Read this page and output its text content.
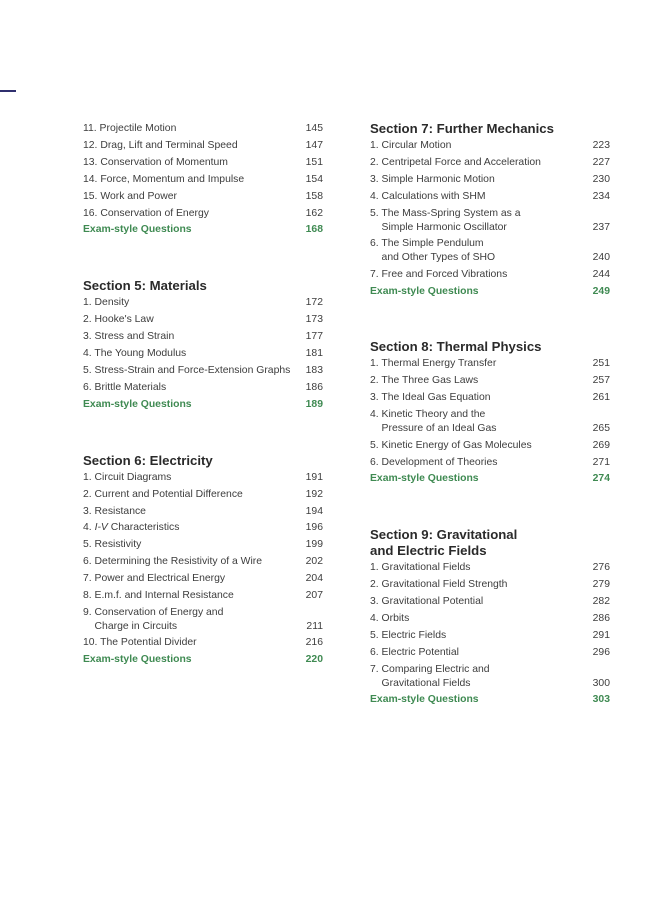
11. Projectile Motion	145
12. Drag, Lift and Terminal Speed	147
13. Conservation of Momentum	151
14. Force, Momentum and Impulse	154
15. Work and Power	158
16. Conservation of Energy	162
Exam-style Questions	168
Section 5: Materials
1. Density	172
2. Hooke's Law	173
3. Stress and Strain	177
4. The Young Modulus	181
5. Stress-Strain and Force-Extension Graphs	183
6. Brittle Materials	186
Exam-style Questions	189
Section 6: Electricity
1. Circuit Diagrams	191
2. Current and Potential Difference	192
3. Resistance	194
4. I-V Characteristics	196
5. Resistivity	199
6. Determining the Resistivity of a Wire	202
7. Power and Electrical Energy	204
8. E.m.f. and Internal Resistance	207
9. Conservation of Energy and
Charge in Circuits	211
10. The Potential Divider	216
Exam-style Questions	220
Section 7: Further Mechanics
1. Circular Motion	223
2. Centripetal Force and Acceleration	227
3. Simple Harmonic Motion	230
4. Calculations with SHM	234
5. The Mass-Spring System as a
Simple Harmonic Oscillator	237
6. The Simple Pendulum
and Other Types of SHO	240
7. Free and Forced Vibrations	244
Exam-style Questions	249
Section 8: Thermal Physics
1. Thermal Energy Transfer	251
2. The Three Gas Laws	257
3. The Ideal Gas Equation	261
4. Kinetic Theory and the
Pressure of an Ideal Gas	265
5. Kinetic Energy of Gas Molecules	269
6. Development of Theories	271
Exam-style Questions	274
Section 9: Gravitational
and Electric Fields
1. Gravitational Fields	276
2. Gravitational Field Strength	279
3. Gravitational Potential	282
4. Orbits	286
5. Electric Fields	291
6. Electric Potential	296
7. Comparing Electric and
Gravitational Fields	300
Exam-style Questions	303
